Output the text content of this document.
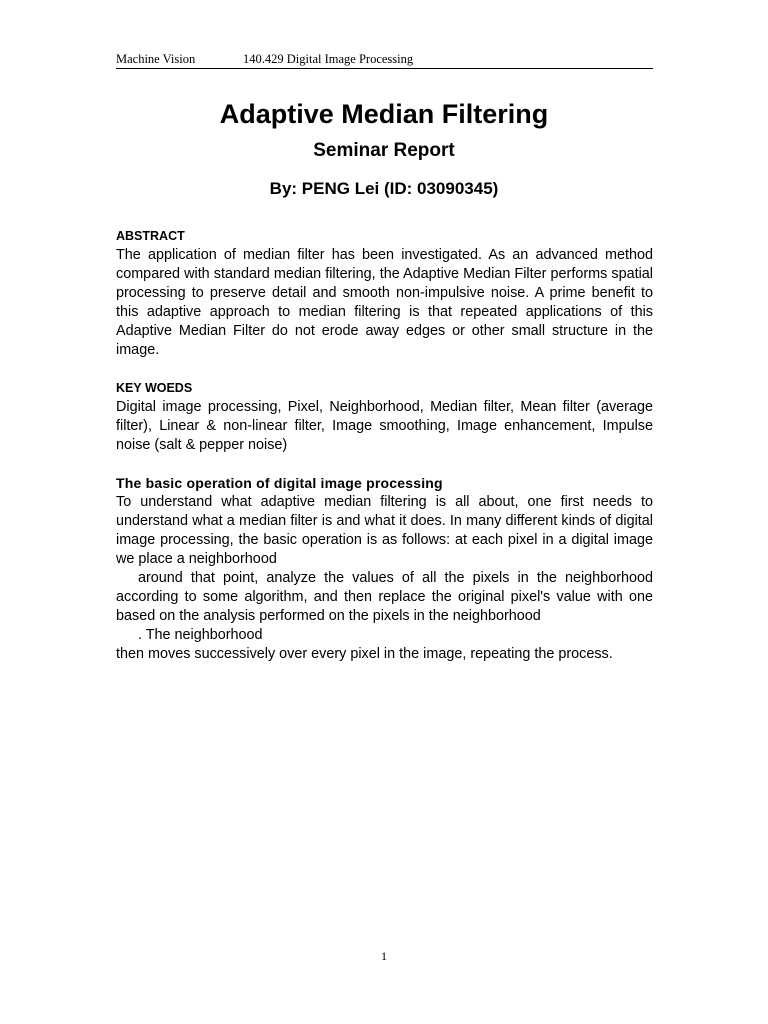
Machine Vision	140.429 Digital Image Processing
Adaptive Median Filtering
Seminar Report
By: PENG Lei (ID: 03090345)

ABSTRACT

The application of median filter has been investigated. As an advanced method compared with standard median filtering, the Adaptive Median Filter performs spatial processing to preserve detail and smooth non-impulsive noise. A prime benefit to this adaptive approach to median filtering is that repeated applications of this Adaptive Median Filter do not erode away edges or other small structure in the image.

KEY WOEDS

Digital image processing, Pixel, Neighborhood, Median filter, Mean filter (average filter), Linear & non-linear filter, Image smoothing, Image enhancement, Impulse noise (salt & pepper noise)

The basic operation of digital image processing

To understand what adaptive median filtering is all about, one first needs to understand what a median filter is and what it does. In many different kinds of digital image processing, the basic operation is as follows: at each pixel in a digital image we place a neighborhood

around that point, analyze the values of all the pixels in the neighborhood according to some algorithm, and then replace the original pixel's value with one based on the analysis performed on the pixels in the neighborhood

. The neighborhood

then moves successively over every pixel in the image, repeating the process.

1
